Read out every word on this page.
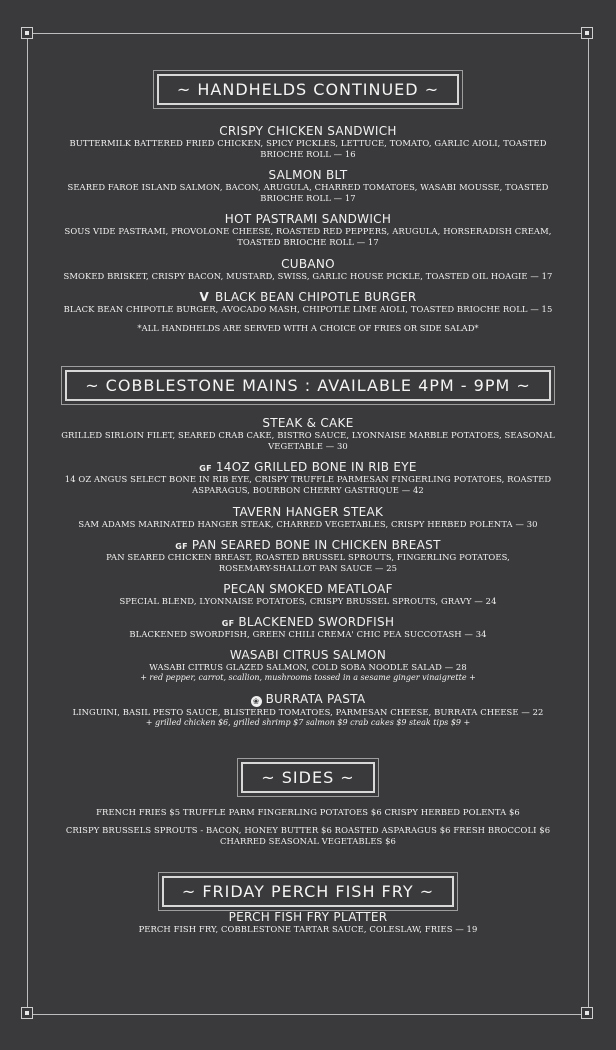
~ HANDHELDS CONTINUED ~
CRISPY CHICKEN SANDWICH
BUTTERMILK BATTERED FRIED CHICKEN, SPICY PICKLES, LETTUCE, TOMATO, GARLIC AIOLI, TOASTED
BRIOCHE ROLL — 16
SALMON BLT
SEARED FAROE ISLAND SALMON, BACON, ARUGULA, CHARRED TOMATOES, WASABI MOUSSE, TOASTED
BRIOCHE ROLL — 17
HOT PASTRAMI SANDWICH
SOUS VIDE PASTRAMI, PROVOLONE CHEESE, ROASTED RED PEPPERS, ARUGULA, HORSERADISH CREAM,
TOASTED BRIOCHE ROLL — 17
CUBANO
SMOKED BRISKET, CRISPY BACON, MUSTARD, SWISS, GARLIC HOUSE PICKLE, TOASTED OIL HOAGIE — 17
V BLACK BEAN CHIPOTLE BURGER
BLACK BEAN CHIPOTLE BURGER, AVOCADO MASH, CHIPOTLE LIME AIOLI, TOASTED BRIOCHE ROLL — 15
*ALL HANDHELDS ARE SERVED WITH A CHOICE OF FRIES OR SIDE SALAD*
~ COBBLESTONE MAINS : AVAILABLE 4PM - 9PM ~
STEAK & CAKE
GRILLED SIRLOIN FILET, SEARED CRAB CAKE, BISTRO SAUCE, LYONNAISE MARBLE POTATOES, SEASONAL
VEGETABLE — 30
GF 14OZ GRILLED BONE IN RIB EYE
14 OZ ANGUS SELECT BONE IN RIB EYE, CRISPY TRUFFLE PARMESAN FINGERLING POTATOES, ROASTED
ASPARAGUS, BOURBON CHERRY GASTRIQUE — 42
TAVERN HANGER STEAK
SAM ADAMS MARINATED HANGER STEAK, CHARRED VEGETABLES, CRISPY HERBED POLENTA — 30
GF PAN SEARED BONE IN CHICKEN BREAST
PAN SEARED CHICKEN BREAST, ROASTED BRUSSEL SPROUTS, FINGERLING POTATOES,
ROSEMARY-SHALLOT PAN SAUCE — 25
PECAN SMOKED MEATLOAF
SPECIAL BLEND, LYONNAISE POTATOES, CRISPY BRUSSEL SPROUTS, GRAVY — 24
GF BLACKENED SWORDFISH
BLACKENED SWORDFISH, GREEN CHILI CREMA' CHIC PEA SUCCOTASH — 34
WASABI CITRUS SALMON
WASABI CITRUS GLAZED SALMON, COLD SOBA NOODLE SALAD — 28
+ red pepper, carrot, scallion, mushrooms tossed in a sesame ginger vinaigrette +
❀ BURRATA PASTA
LINGUINI, BASIL PESTO SAUCE, BLISTERED TOMATOES, PARMESAN CHEESE, BURRATA CHEESE — 22
+ grilled chicken $6, grilled shrimp $7 salmon $9 crab cakes $9 steak tips $9 +
~ SIDES ~
FRENCH FRIES $5 TRUFFLE PARM FINGERLING POTATOES $6 CRISPY HERBED POLENTA $6
CRISPY BRUSSELS SPROUTS - BACON, HONEY BUTTER $6 ROASTED ASPARAGUS $6 FRESH BROCCOLI $6
CHARRED SEASONAL VEGETABLES $6
~ FRIDAY PERCH FISH FRY ~
PERCH FISH FRY PLATTER
PERCH FISH FRY, COBBLESTONE TARTAR SAUCE, COLESLAW, FRIES — 19
